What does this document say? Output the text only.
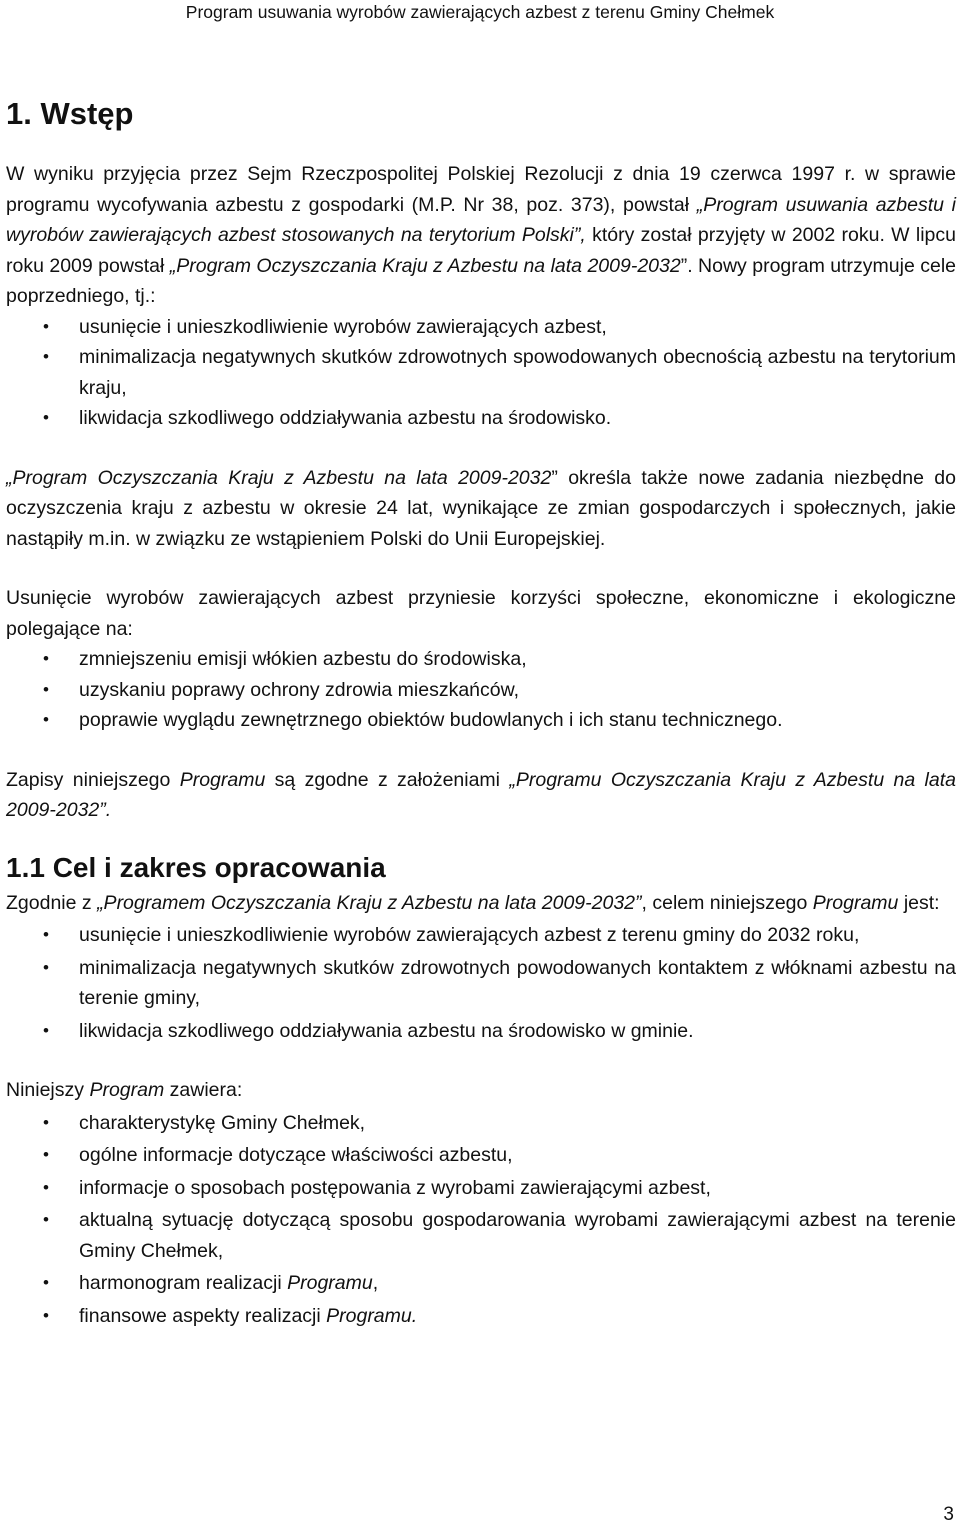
Program usuwania wyrobów zawierających azbest z terenu Gminy Chełmek
1. Wstęp

W wyniku przyjęcia przez Sejm Rzeczpospolitej Polskiej Rezolucji z dnia 19 czerwca 1997 r. w sprawie programu wycofywania azbestu z gospodarki (M.P. Nr 38, poz. 373), powstał „Program usuwania azbestu i wyrobów zawierających azbest stosowanych na terytorium Polski”, który został przyjęty w 2002 roku. W lipcu roku 2009 powstał „Program Oczyszczania Kraju z Azbestu na lata 2009-2032”. Nowy program utrzymuje cele poprzedniego, tj.:

• usunięcie i unieszkodliwienie wyrobów zawierających azbest,
• minimalizacja negatywnych skutków zdrowotnych spowodowanych obecnością azbestu na terytorium kraju,
• likwidacja szkodliwego oddziaływania azbestu na środowisko.

„Program Oczyszczania Kraju z Azbestu na lata 2009-2032” określa także nowe zadania niezbędne do oczyszczenia kraju z azbestu w okresie 24 lat, wynikające ze zmian gospodarczych i społecznych, jakie nastąpiły m.in. w związku ze wstąpieniem Polski do Unii Europejskiej.

Usunięcie wyrobów zawierających azbest przyniesie korzyści społeczne, ekonomiczne i ekologiczne polegające na:

• zmniejszeniu emisji włókien azbestu do środowiska,
• uzyskaniu poprawy ochrony zdrowia mieszkańców,
• poprawie wyglądu zewnętrznego obiektów budowlanych i ich stanu technicznego.

Zapisy niniejszego Programu są zgodne z założeniami „Programu Oczyszczania Kraju z Azbestu na lata 2009-2032”.

1.1 Cel i zakres opracowania

Zgodnie z „Programem Oczyszczania Kraju z Azbestu na lata 2009-2032”, celem niniejszego Programu jest:

• usunięcie i unieszkodliwienie wyrobów zawierających azbest z terenu gminy do 2032 roku,
• minimalizacja negatywnych skutków zdrowotnych powodowanych kontaktem z włóknami azbestu na terenie gminy,
• likwidacja szkodliwego oddziaływania azbestu na środowisko w gminie.

Niniejszy Program zawiera:

• charakterystykę Gminy Chełmek,
• ogólne informacje dotyczące właściwości azbestu,
• informacje o sposobach postępowania z wyrobami zawierającymi azbest,
• aktualną sytuację dotyczącą sposobu gospodarowania wyrobami zawierającymi azbest na terenie Gminy Chełmek,
• harmonogram realizacji Programu,
• finansowe aspekty realizacji Programu.
3
